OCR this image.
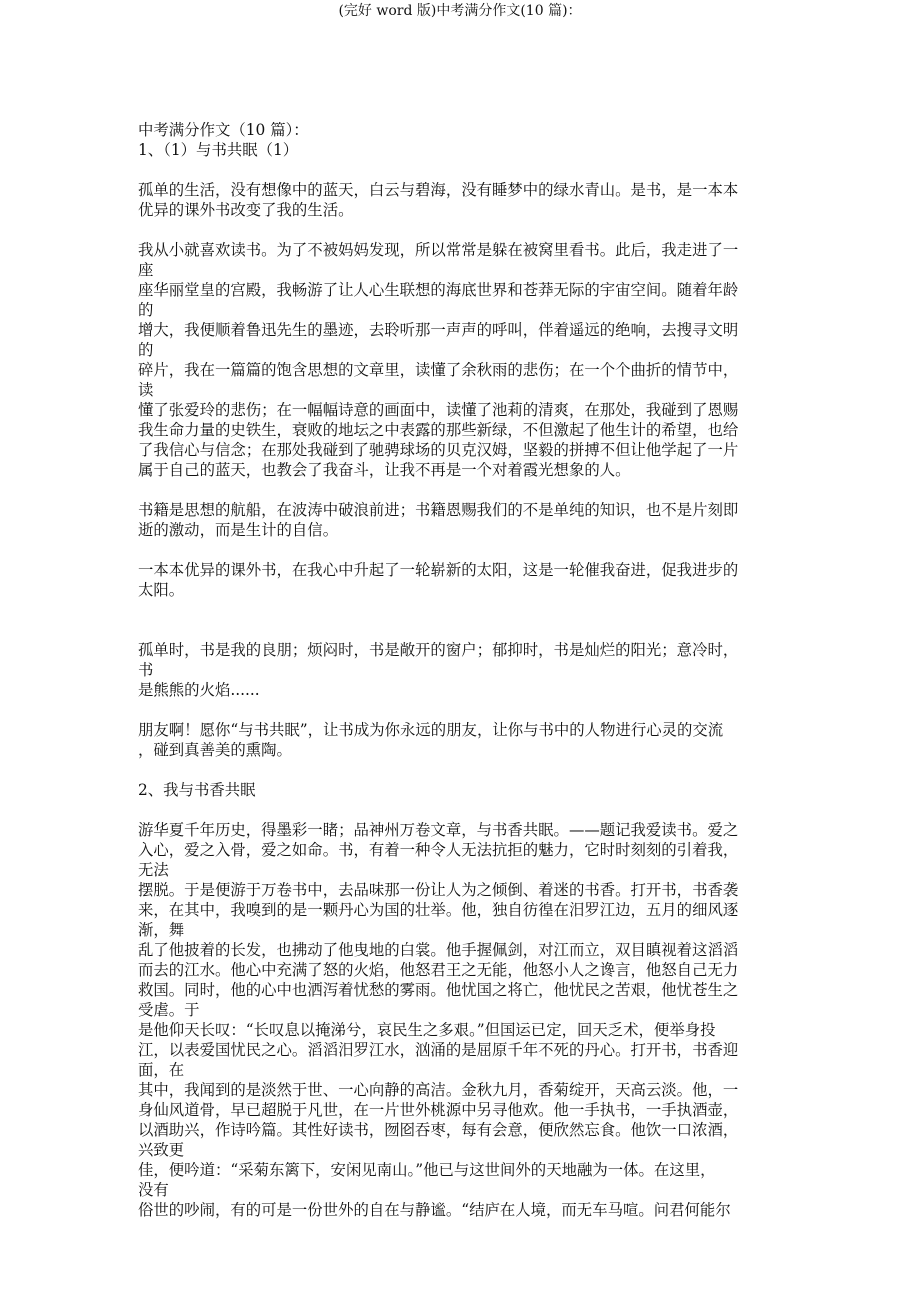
(完好 word 版)中考满分作文(10 篇)：
中考满分作文（10 篇）：
1、（1）与书共眠（1）
孤单的生活，没有想像中的蓝天，白云与碧海，没有睡梦中的绿水青山。是书，是一本本
优异的课外书改变了我的生活。
我从小就喜欢读书。为了不被妈妈发现，所以常常是躲在被窝里看书。此后，我走进了一
座
座华丽堂皇的宫殿，我畅游了让人心生联想的海底世界和苍莽无际的宇宙空间。随着年龄
的
增大，我便顺着鲁迅先生的墨迹，去聆听那一声声的呼叫，伴着遥远的绝响，去搜寻文明
的
碎片，我在一篇篇的饱含思想的文章里，读懂了余秋雨的悲伤；在一个个曲折的情节中，
读
懂了张爱玲的悲伤；在一幅幅诗意的画面中，读懂了池莉的清爽，在那处，我碰到了恩赐
我生命力量的史铁生，衰败的地坛之中表露的那些新绿，不但激起了他生计的希望，也给
了我信心与信念；在那处我碰到了驰骋球场的贝克汉姆，坚毅的拼搏不但让他学起了一片
属于自己的蓝天，也教会了我奋斗，让我不再是一个对着霞光想象的人。
书籍是思想的航船，在波涛中破浪前进；书籍恩赐我们的不是单纯的知识，也不是片刻即
逝的激动，而是生计的自信。
一本本优异的课外书，在我心中升起了一轮崭新的太阳，这是一轮催我奋进，促我进步的
太阳。
孤单时，书是我的良朋；烦闷时，书是敞开的窗户；郁抑时，书是灿烂的阳光；意冷时，
书
是熊熊的火焰......
朋友啊！愿你“与书共眠”，让书成为你永远的朋友，让你与书中的人物进行心灵的交流
，碰到真善美的熏陶。
2、我与书香共眠
游华夏千年历史，得墨彩一睹；品神州万卷文章，与书香共眠。——题记我爱读书。爱之
入心，爱之入骨，爱之如命。书，有着一种令人无法抗拒的魅力，它时时刻刻的引着我，
无法
摆脱。于是便游于万卷书中，去品味那一份让人为之倾倒、着迷的书香。打开书，书香袭
来，在其中，我嗅到的是一颗丹心为国的壮举。他，独自彷徨在汨罗江边，五月的细风逐
渐，舞
乱了他披着的长发，也拂动了他曳地的白裳。他手握佩剑，对江而立，双目瞋视着这滔滔
而去的江水。他心中充满了怒的火焰，他怒君王之无能，他怒小人之谗言，他怒自己无力
救国。同时，他的心中也洒泻着忧愁的雾雨。他忧国之将亡，他忧民之苦艰，他忧苍生之
受虐。于
是他仰天长叹：“长叹息以掩涕兮，哀民生之多艰。”但国运已定，回天乏术，便举身投
江，以表爱国忧民之心。滔滔汨罗江水，汹涌的是屈原千年不死的丹心。打开书，书香迎
面，在
其中，我闻到的是淡然于世、一心向静的高洁。金秋九月，香菊绽开，天高云淡。他，一
身仙风道骨，早已超脱于凡世，在一片世外桃源中另寻他欢。他一手执书，一手执酒壶，
以酒助兴，作诗吟篇。其性好读书，囫囵吞枣，每有会意，便欣然忘食。他饮一口浓酒，
兴致更
佳，便吟道：“采菊东篱下，安闲见南山。”他已与这世间外的天地融为一体。在这里，
没有
俗世的吵闹，有的可是一份世外的自在与静谧。“结庐在人境，而无车马喧。问君何能尔
